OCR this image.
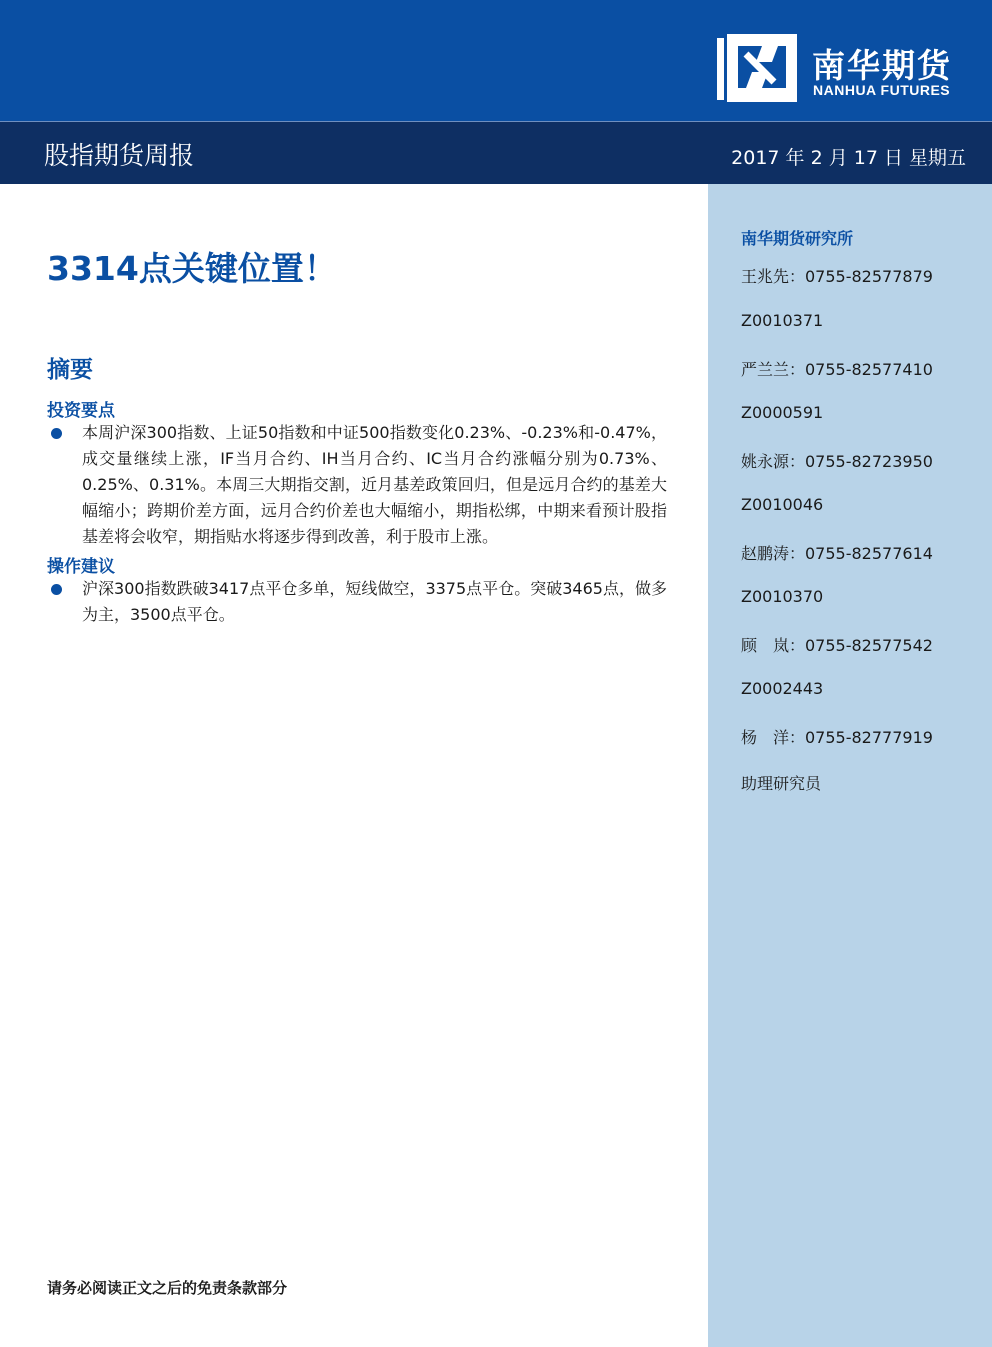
南华期货
NANHUA FUTURES
股指期货周报	2017 年 2 月 17 日 星期五
南华期货研究所
王兆先：0755-82577879
Z0010371
严兰兰：0755-82577410
Z0000591
姚永源：0755-82723950
Z0010046
赵鹏涛：0755-82577614
Z0010370
顾　岚：0755-82577542
Z0002443
杨　洋：0755-82777919
助理研究员
3314点关键位置！
摘要
投资要点
本周沪深300指数、上证50指数和中证500指数变化0.23%、-0.23%和-0.47%，成交量继续上涨，IF当月合约、IH当月合约、IC当月合约涨幅分别为0.73%、0.25%、0.31%。本周三大期指交割，近月基差政策回归，但是远月合约的基差大幅缩小；跨期价差方面，远月合约价差也大幅缩小，期指松绑，中期来看预计股指基差将会收窄，期指贴水将逐步得到改善，利于股市上涨。
操作建议
沪深300指数跌破3417点平仓多单，短线做空，3375点平仓。突破3465点，做多为主，3500点平仓。
请务必阅读正文之后的免责条款部分
